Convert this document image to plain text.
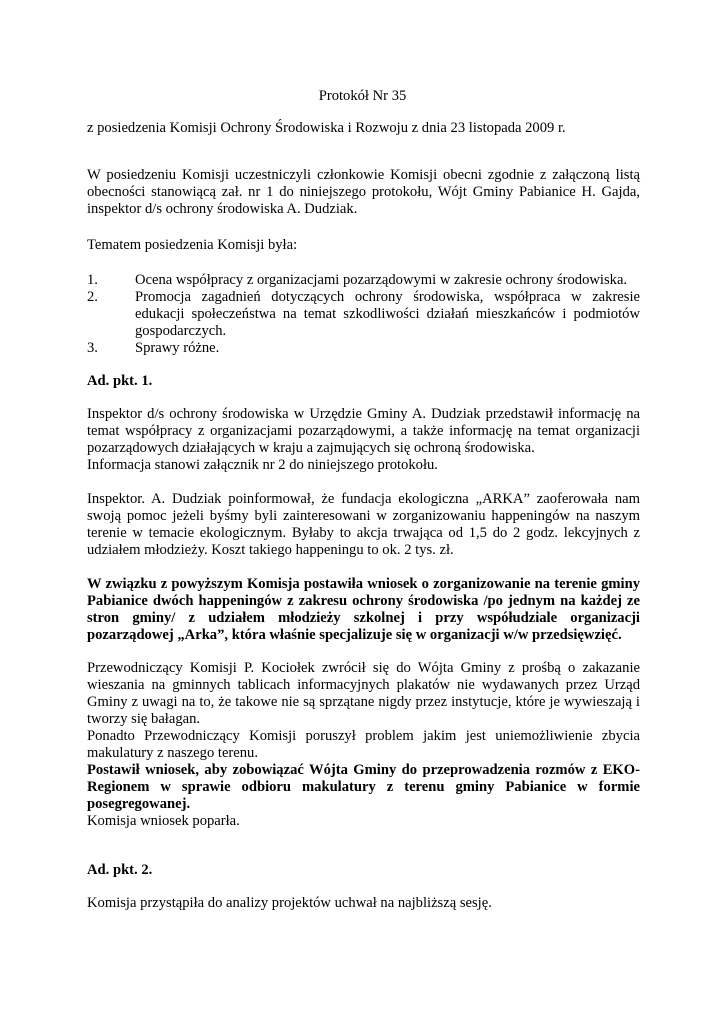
Protokół Nr 35

z posiedzenia Komisji Ochrony Środowiska i Rozwoju z dnia 23 listopada 2009 r.

W posiedzeniu Komisji uczestniczyli członkowie Komisji obecni zgodnie z załączoną listą obecności stanowiącą zał. nr 1 do niniejszego protokołu, Wójt Gminy Pabianice H. Gajda, inspektor d/s ochrony środowiska A. Dudziak.

Tematem posiedzenia Komisji była:

1.	Ocena współpracy z organizacjami pozarządowymi w zakresie ochrony środowiska.
2.	Promocja zagadnień dotyczących ochrony środowiska, współpraca w zakresie edukacji społeczeństwa na temat szkodliwości działań mieszkańców i podmiotów gospodarczych.
3.	Sprawy różne.

Ad. pkt. 1.

Inspektor d/s ochrony środowiska w Urzędzie Gminy A. Dudziak przedstawił informację na temat współpracy z organizacjami pozarządowymi, a także informację na temat organizacji pozarządowych działających w kraju a zajmujących się ochroną środowiska.

Informacja stanowi załącznik nr 2 do niniejszego protokołu.

Inspektor. A. Dudziak poinformował, że fundacja ekologiczna „ARKA” zaoferowała nam swoją pomoc jeżeli byśmy byli zainteresowani w zorganizowaniu happeningów na naszym terenie w temacie ekologicznym. Byłaby to akcja trwająca od 1,5 do 2 godz. lekcyjnych z udziałem młodzieży. Koszt takiego happeningu to ok. 2 tys. zł.

W związku z powyższym Komisja postawiła wniosek o zorganizowanie na terenie gminy Pabianice dwóch happeningów z zakresu ochrony środowiska /po jednym na każdej ze stron gminy/ z udziałem młodzieży szkolnej i przy współudziale organizacji pozarządowej „Arka”, która właśnie specjalizuje się w organizacji w/w przedsięwzięć.

Przewodniczący Komisji P. Kociołek zwrócił się do Wójta Gminy z prośbą o zakazanie wieszania na gminnych tablicach informacyjnych plakatów nie wydawanych przez Urząd Gminy z uwagi na to, że takowe nie są sprzątane nigdy przez instytucje, które je wywieszają i tworzy się bałagan.

Ponadto Przewodniczący Komisji poruszył problem jakim jest uniemożliwienie zbycia makulatury z naszego terenu.

Postawił wniosek, aby zobowiązać Wójta Gminy do przeprowadzenia rozmów z EKO-Regionem w sprawie odbioru makulatury z terenu gminy Pabianice w formie posegregowanej.

Komisja wniosek poparła.

Ad. pkt. 2.

Komisja przystąpiła do analizy projektów uchwał na najbliższą sesję.
